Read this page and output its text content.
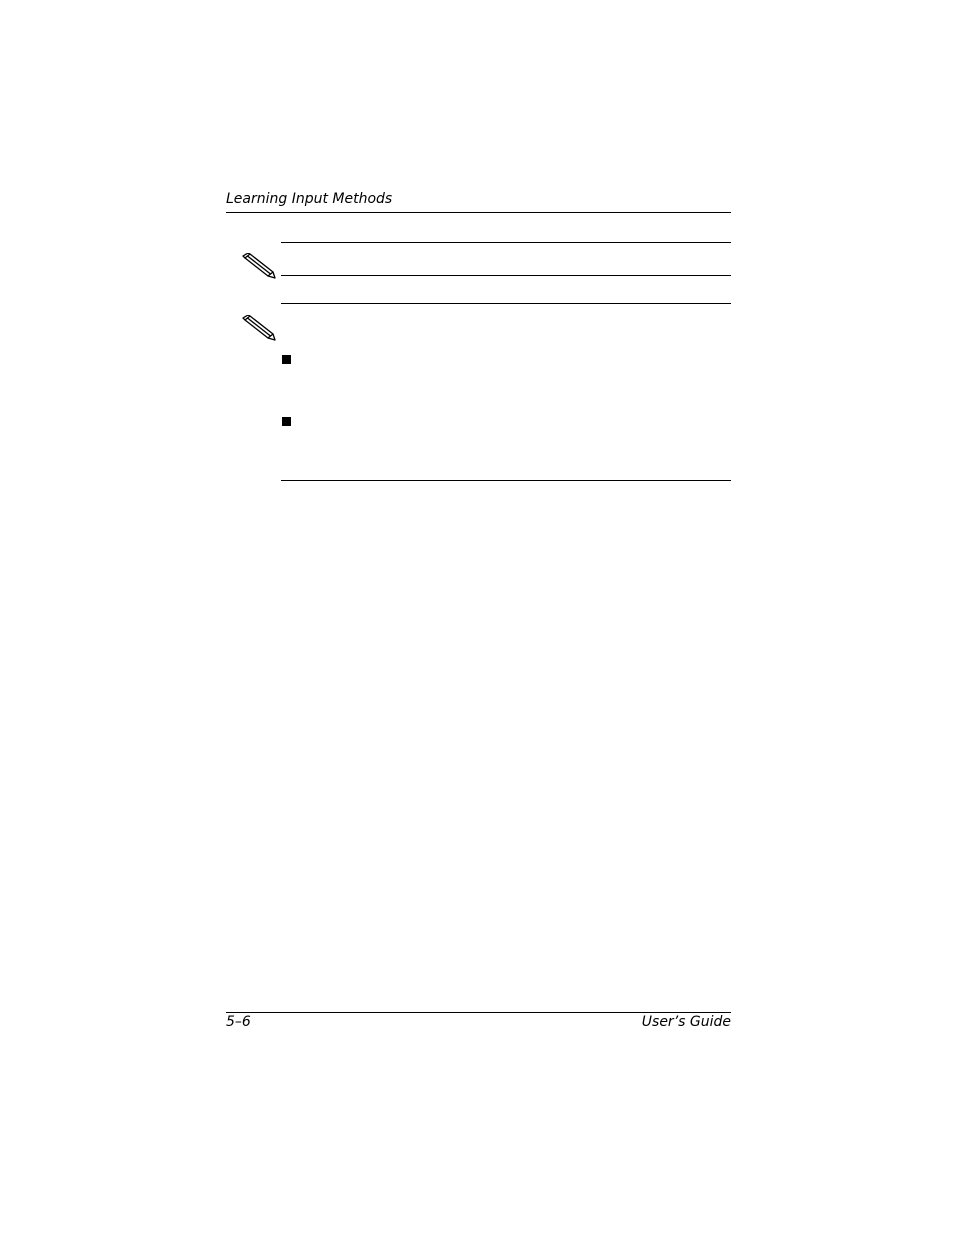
Learning Input Methods
5–6	User’s Guide
